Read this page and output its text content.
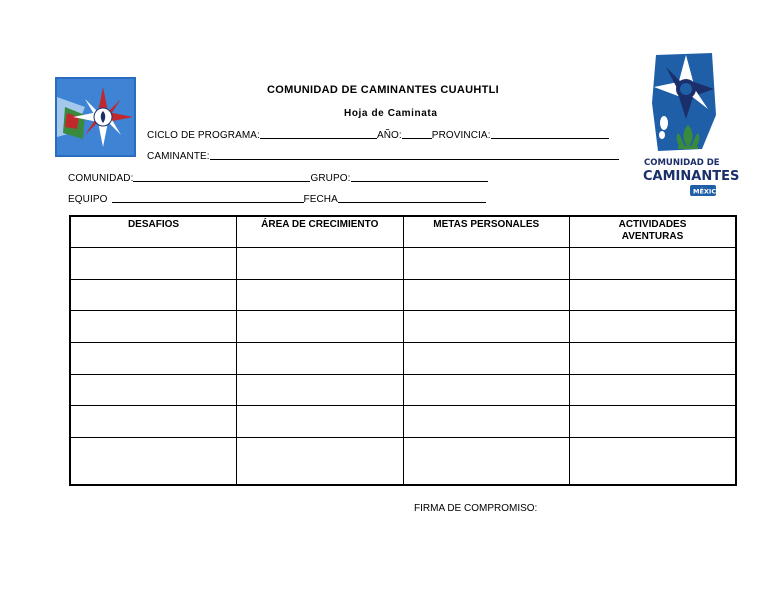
COMUNIDAD DE CAMINANTES CUAUHTLI
Hoja de Caminata
CICLO DE PROGRAMA:	AÑO:	PROVINCIA:
CAMINANTE:
COMUNIDAD:	GRUPO:
EQUIPO	FECHA
COMUNIDAD DE
CAMINANTES
MÉXICO
DESAFIOS	ÁREA DE CRECIMIENTO	METAS PERSONALES	ACTIVIDADES AVENTURAS

FIRMA DE COMPROMISO:
